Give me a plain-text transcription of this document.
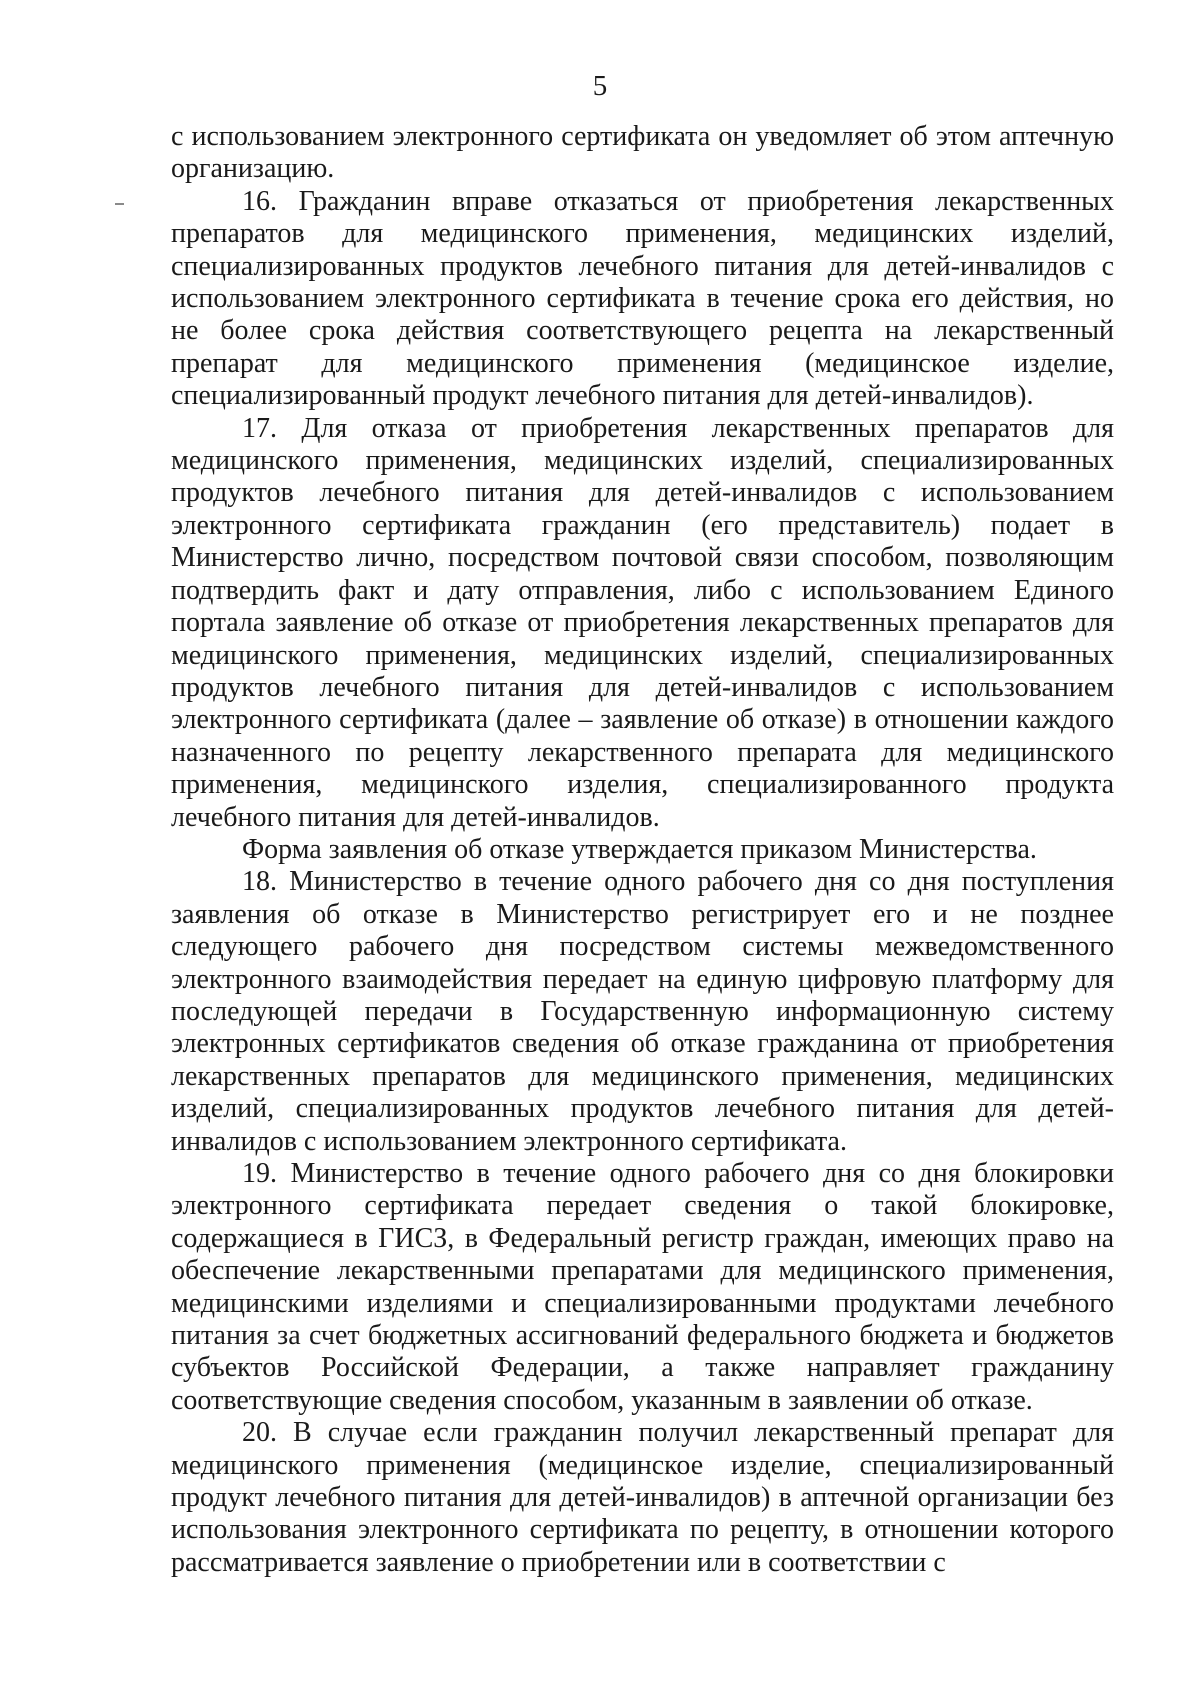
5

с использованием электронного сертификата он уведомляет об этом аптечную организацию.

16. Гражданин вправе отказаться от приобретения лекарственных препаратов для медицинского применения, медицинских изделий, специализированных продуктов лечебного питания для детей-инвалидов с использованием электронного сертификата в течение срока его действия, но не более срока действия соответствующего рецепта на лекарственный препарат для медицинского применения (медицинское изделие, специализированный продукт лечебного питания для детей-инвалидов).

17. Для отказа от приобретения лекарственных препаратов для медицинского применения, медицинских изделий, специализированных продуктов лечебного питания для детей-инвалидов с использованием электронного сертификата гражданин (его представитель) подает в Министерство лично, посредством почтовой связи способом, позволяющим подтвердить факт и дату отправления, либо с использованием Единого портала заявление об отказе от приобретения лекарственных препаратов для медицинского применения, медицинских изделий, специализированных продуктов лечебного питания для детей-инвалидов с использованием электронного сертификата (далее – заявление об отказе) в отношении каждого назначенного по рецепту лекарственного препарата для медицинского применения, медицинского изделия, специализированного продукта лечебного питания для детей-инвалидов.

Форма заявления об отказе утверждается приказом Министерства.

18. Министерство в течение одного рабочего дня со дня поступления заявления об отказе в Министерство регистрирует его и не позднее следующего рабочего дня посредством системы межведомственного электронного взаимодействия передает на единую цифровую платформу для последующей передачи в Государственную информационную систему электронных сертификатов сведения об отказе гражданина от приобретения лекарственных препаратов для медицинского применения, медицинских изделий, специализированных продуктов лечебного питания для детей-инвалидов с использованием электронного сертификата.

19. Министерство в течение одного рабочего дня со дня блокировки электронного сертификата передает сведения о такой блокировке, содержащиеся в ГИСЗ, в Федеральный регистр граждан, имеющих право на обеспечение лекарственными препаратами для медицинского применения, медицинскими изделиями и специализированными продуктами лечебного питания за счет бюджетных ассигнований федерального бюджета и бюджетов субъектов Российской Федерации, а также направляет гражданину соответствующие сведения способом, указанным в заявлении об отказе.

20. В случае если гражданин получил лекарственный препарат для медицинского применения (медицинское изделие, специализированный продукт лечебного питания для детей-инвалидов) в аптечной организации без использования электронного сертификата по рецепту, в отношении которого рассматривается заявление о приобретении или в соответствии с
